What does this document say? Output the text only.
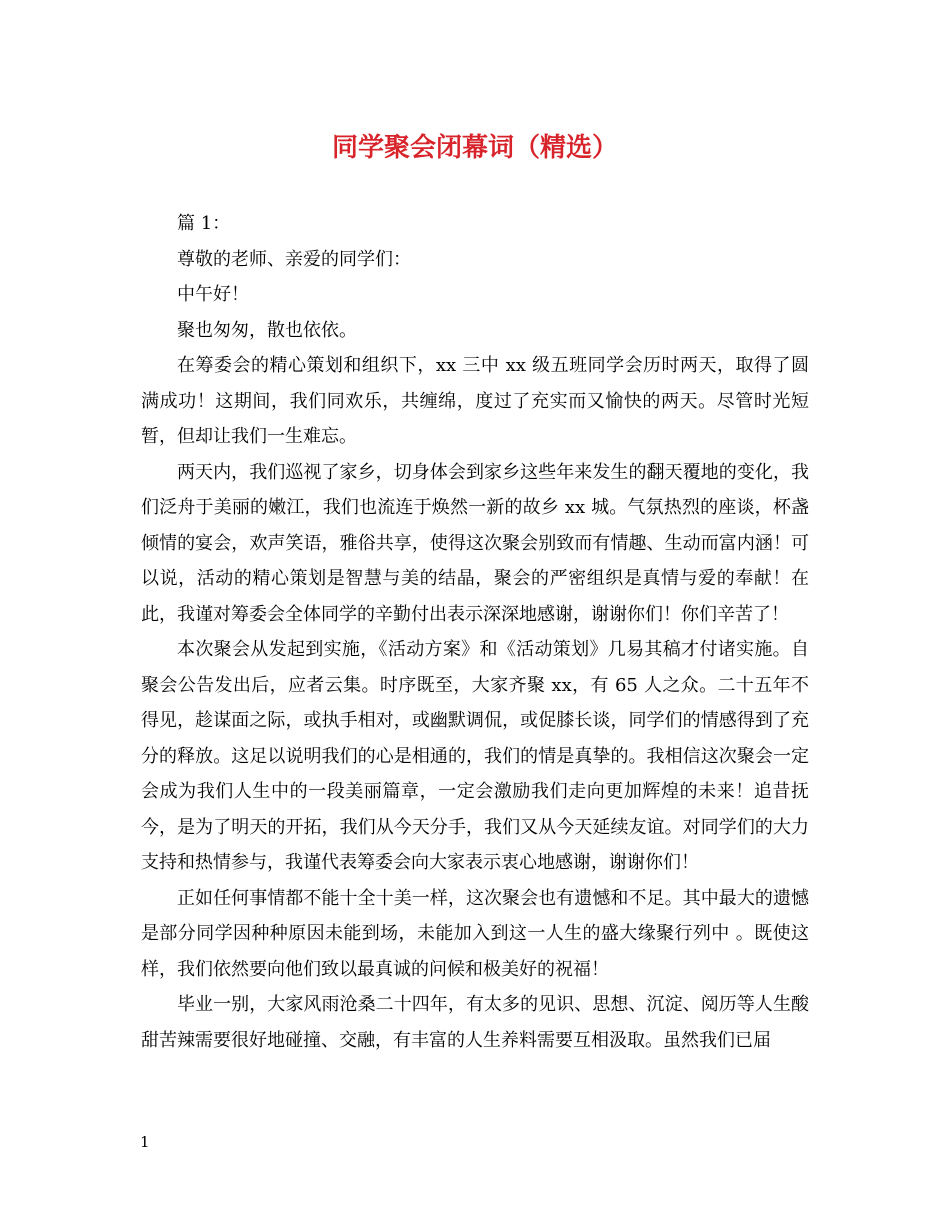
同学聚会闭幕词（精选）

篇 1：

尊敬的老师、亲爱的同学们：

中午好！

聚也匆匆，散也依依。

在筹委会的精心策划和组织下，xx 三中 xx 级五班同学会历时两天，取得了圆满成功！这期间，我们同欢乐，共缠绵，度过了充实而又愉快的两天。尽管时光短暂，但却让我们一生难忘。

两天内，我们巡视了家乡，切身体会到家乡这些年来发生的翻天覆地的变化，我们泛舟于美丽的嫩江，我们也流连于焕然一新的故乡 xx 城。气氛热烈的座谈，杯盏倾情的宴会，欢声笑语，雅俗共享，使得这次聚会别致而有情趣、生动而富内涵！可以说，活动的精心策划是智慧与美的结晶，聚会的严密组织是真情与爱的奉献！在此，我谨对筹委会全体同学的辛勤付出表示深深地感谢，谢谢你们！你们辛苦了！

本次聚会从发起到实施，《活动方案》和《活动策划》几易其稿才付诸实施。自聚会公告发出后，应者云集。时序既至，大家齐聚 xx，有 65 人之众。二十五年不得见，趁谋面之际，或执手相对，或幽默调侃，或促膝长谈，同学们的情感得到了充分的释放。这足以说明我们的心是相通的，我们的情是真挚的。我相信这次聚会一定会成为我们人生中的一段美丽篇章，一定会激励我们走向更加辉煌的未来！追昔抚今，是为了明天的开拓，我们从今天分手，我们又从今天延续友谊。对同学们的大力支持和热情参与，我谨代表筹委会向大家表示衷心地感谢，谢谢你们！

正如任何事情都不能十全十美一样，这次聚会也有遗憾和不足。其中最大的遗憾是部分同学因种种原因未能到场，未能加入到这一人生的盛大缘聚行列中 。既使这样，我们依然要向他们致以最真诚的问候和极美好的祝福！

毕业一别，大家风雨沧桑二十四年，有太多的见识、思想、沉淀、阅历等人生酸甜苦辣需要很好地碰撞、交融，有丰富的人生养料需要互相汲取。虽然我们已届

1
